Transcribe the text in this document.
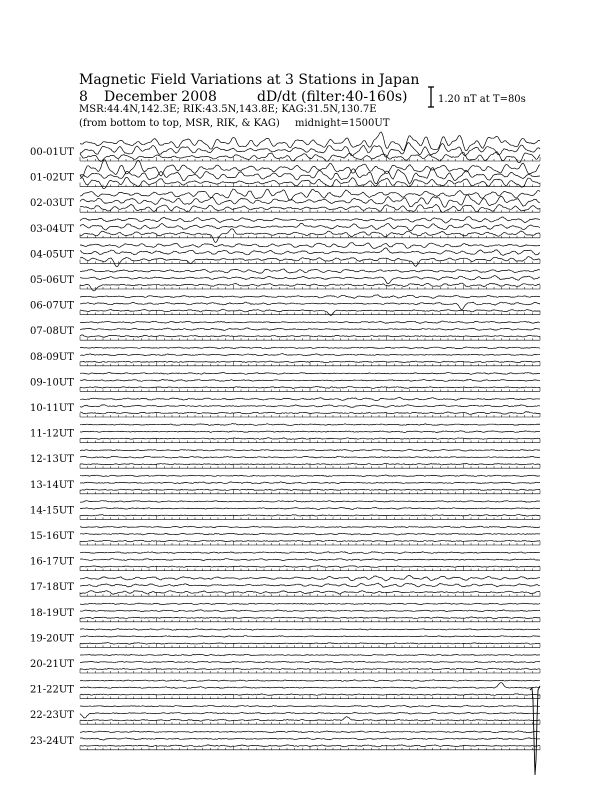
Magnetic Field Variations at 3 Stations in Japan
8 December 2008	dD/dt (filter:40-160s)
MSR:44.4N,142.3E; RIK:43.5N,143.8E; KAG:31.5N,130.7E
(from bottom to top, MSR, RIK, & KAG) midnight=1500UT
1.20 nT at T=80s
00-01UT
01-02UT
02-03UT
03-04UT
04-05UT
05-06UT
06-07UT
07-08UT
08-09UT
09-10UT
10-11UT
11-12UT
12-13UT
13-14UT
14-15UT
15-16UT
16-17UT
17-18UT
18-19UT
19-20UT
20-21UT
21-22UT
22-23UT
23-24UT
